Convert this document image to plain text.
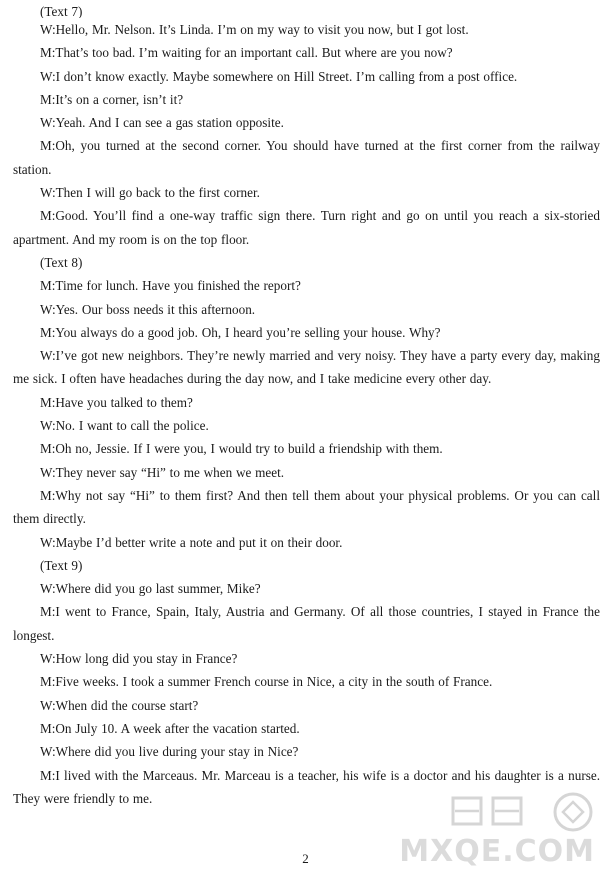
(Text 7)

W:Hello, Mr. Nelson. It’s Linda. I’m on my way to visit you now, but I got lost.

M:That’s too bad. I’m waiting for an important call. But where are you now?

W:I don’t know exactly. Maybe somewhere on Hill Street. I’m calling from a post office.

M:It’s on a corner, isn’t it?

W:Yeah. And I can see a gas station opposite.

M:Oh, you turned at the second corner. You should have turned at the first corner from the railway station.

W:Then I will go back to the first corner.

M:Good. You’ll find a one-way traffic sign there. Turn right and go on until you reach a six-storied apartment. And my room is on the top floor.

(Text 8)

M:Time for lunch. Have you finished the report?

W:Yes. Our boss needs it this afternoon.

M:You always do a good job. Oh, I heard you’re selling your house. Why?

W:I’ve got new neighbors. They’re newly married and very noisy. They have a party every day, making me sick. I often have headaches during the day now, and I take medicine every other day.

M:Have you talked to them?

W:No. I want to call the police.

M:Oh no, Jessie. If I were you, I would try to build a friendship with them.

W:They never say “Hi” to me when we meet.

M:Why not say “Hi” to them first? And then tell them about your physical problems. Or you can call them directly.

W:Maybe I’d better write a note and put it on their door.

(Text 9)

W:Where did you go last summer, Mike?

M:I went to France, Spain, Italy, Austria and Germany. Of all those countries, I stayed in France the longest.

W:How long did you stay in France?

M:Five weeks. I took a summer French course in Nice, a city in the south of France.

W:When did the course start?

M:On July 10. A week after the vacation started.

W:Where did you live during your stay in Nice?

M:I lived with the Marceaus. Mr. Marceau is a teacher, his wife is a doctor and his daughter is a nurse. They were friendly to me.

MXQE.COM
2
